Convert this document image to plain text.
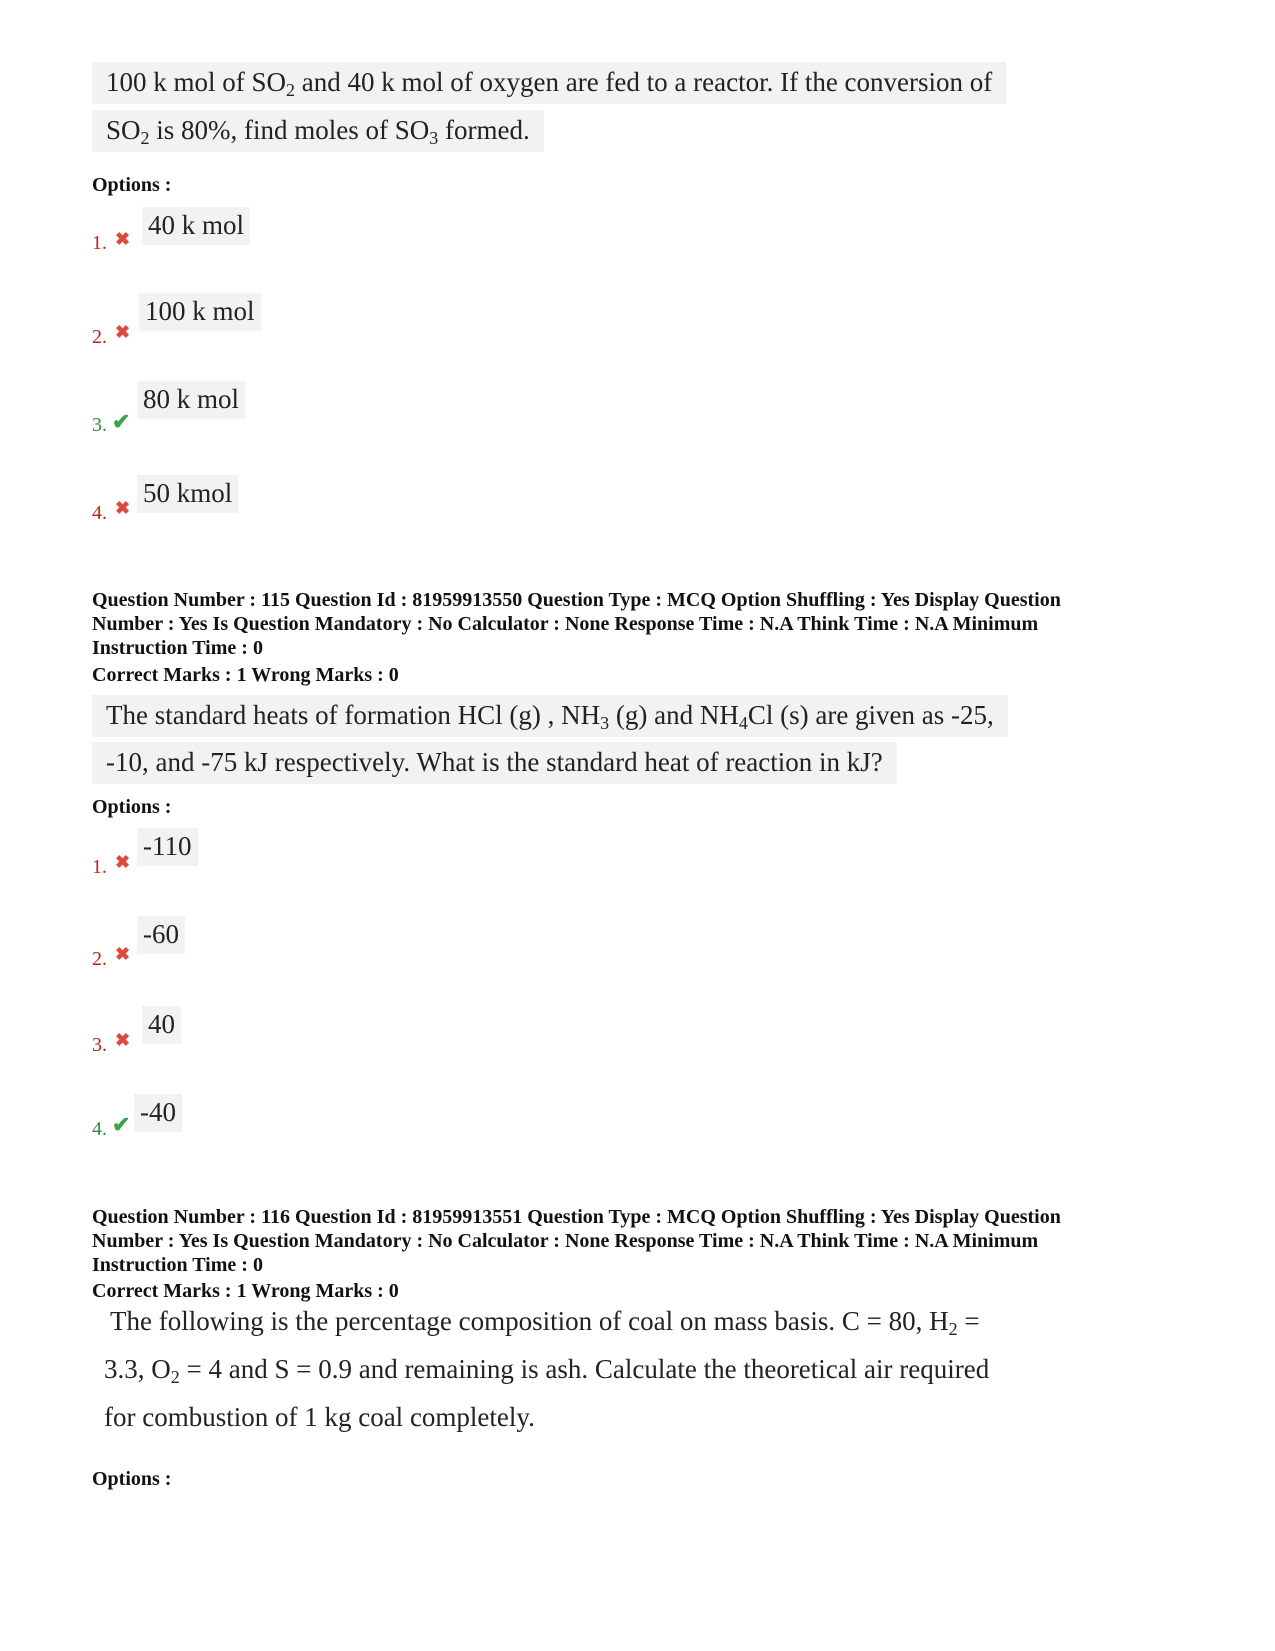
100 k mol of $SO_2$ and 40 k mol of oxygen are fed to a reactor. If the conversion of
$SO_2$ is 80%, find moles of $SO_3$ formed.
Options :
1. ✖ 40 k mol
2. ✖
100 k mol
3. ✔
80 k mol
4. ✖ 50 kmol

Question Number : 115 Question Id : 81959913550 Question Type : MCQ Option Shuffling : Yes Display Question

Number : Yes Is Question Mandatory : No Calculator : None Response Time : N.A Think Time : N.A Minimum

Instruction Time : 0

Correct Marks : 1 Wrong Marks : 0
The standard heats of formation HCl (g) , $NH_3$ (g) and $NH_4Cl$ (s) are given as -25,
-10, and -75 kJ respectively. What is the standard heat of reaction in kJ?
Options :
1. ✖
-110
2. ✖
-60
3. ✖
40
4. ✔ -40

Question Number : 116 Question Id : 81959913551 Question Type : MCQ Option Shuffling : Yes Display Question

Number : Yes Is Question Mandatory : No Calculator : None Response Time : N.A Think Time : N.A Minimum

Instruction Time : 0

Correct Marks : 1 Wrong Marks : 0
The following is the percentage composition of coal on mass basis. C = 80, $H_2$ =
3.3, $O_2 = 4$ and S = 0.9 and remaining is ash. Calculate the theoretical air required
for combustion of 1 kg coal completely.
Options :
